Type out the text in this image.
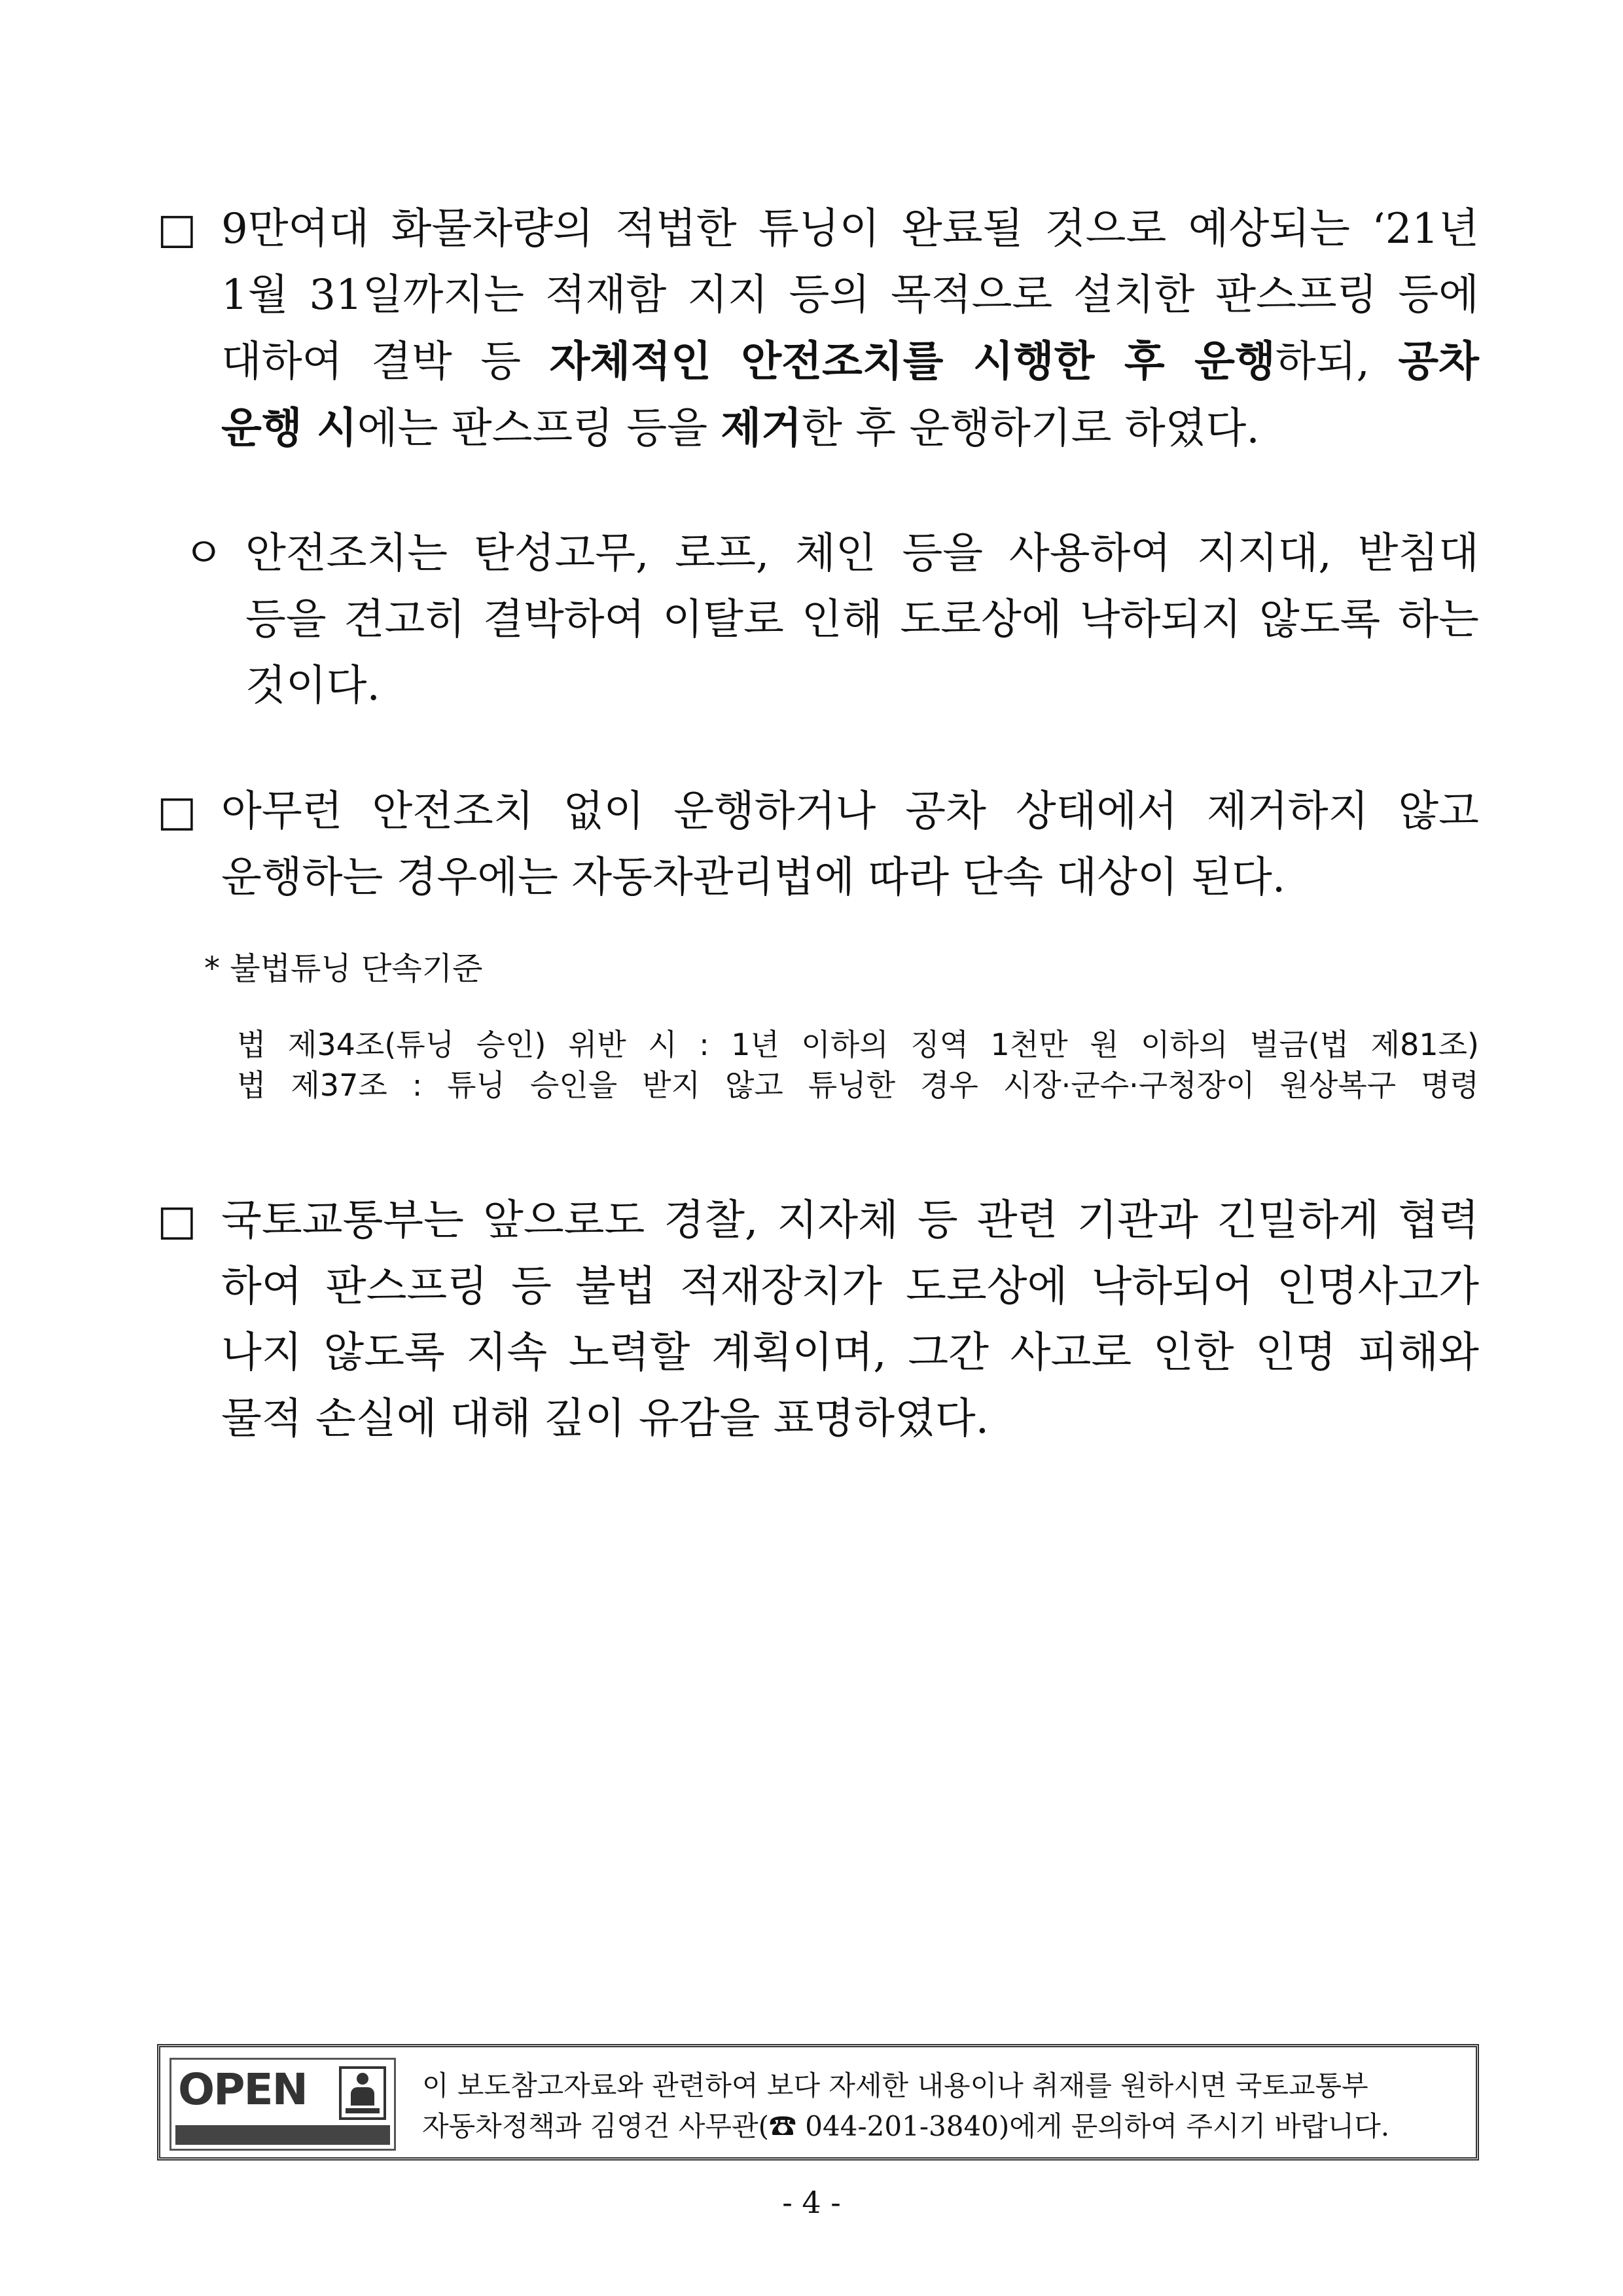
□ 9만여대 화물차량의 적법한 튜닝이 완료될 것으로 예상되는 ‘21년
1월 31일까지는 적재함 지지 등의 목적으로 설치한 판스프링 등에
대하여 결박 등 자체적인 안전조치를 시행한 후 운행하되, 공차
운행 시에는 판스프링 등을 제거한 후 운행하기로 하였다.
ㅇ 안전조치는 탄성고무, 로프, 체인 등을 사용하여 지지대, 받침대
등을 견고히 결박하여 이탈로 인해 도로상에 낙하되지 않도록 하는
것이다.
□ 아무런 안전조치 없이 운행하거나 공차 상태에서 제거하지 않고
운행하는 경우에는 자동차관리법에 따라 단속 대상이 된다.
* 불법튜닝 단속기준
법 제34조(튜닝 승인) 위반 시 : 1년 이하의 징역 1천만 원 이하의 벌금(법 제81조)
법 제37조 : 튜닝 승인을 받지 않고 튜닝한 경우 시장·군수·구청장이 원상복구 명령
□ 국토교통부는 앞으로도 경찰, 지자체 등 관련 기관과 긴밀하게 협력
하여 판스프링 등 불법 적재장치가 도로상에 낙하되어 인명사고가
나지 않도록 지속 노력할 계획이며, 그간 사고로 인한 인명 피해와
물적 손실에 대해 깊이 유감을 표명하였다.
OPEN	이 보도참고자료와 관련하여 보다 자세한 내용이나 취재를 원하시면 국토교통부
자동차정책과 김영건 사무관(☎ 044-201-3840)에게 문의하여 주시기 바랍니다.
- 4 -
